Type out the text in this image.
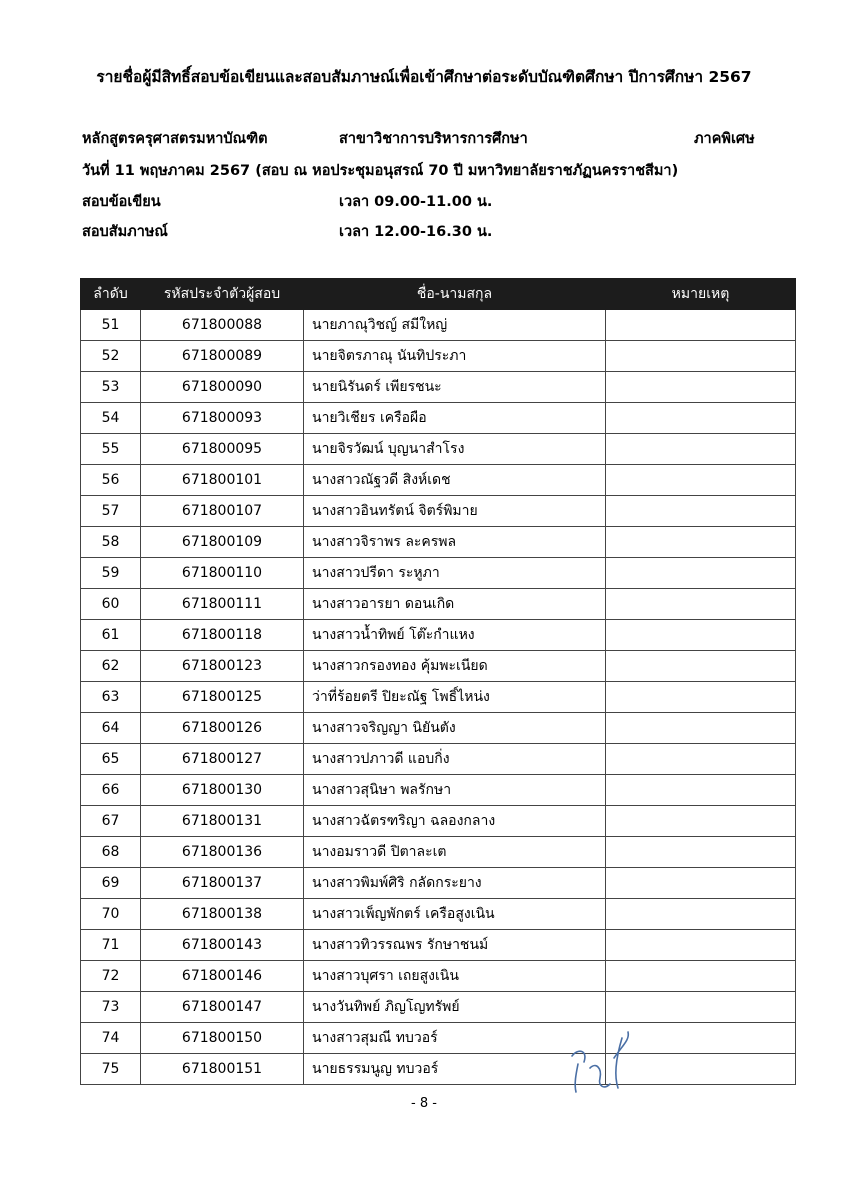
รายชื่อผู้มีสิทธิ์สอบข้อเขียนและสอบสัมภาษณ์เพื่อเข้าศึกษาต่อระดับบัณฑิตศึกษา ปีการศึกษา 2567
หลักสูตรครุศาสตรมหาบัณฑิต	สาขาวิชาการบริหารการศึกษา	ภาคพิเศษ
วันที่ 11 พฤษภาคม 2567 (สอบ ณ หอประชุมอนุสรณ์ 70 ปี มหาวิทยาลัยราชภัฏนครราชสีมา)
สอบข้อเขียน	เวลา 09.00-11.00 น.
สอบสัมภาษณ์	เวลา 12.00-16.30 น.
ลำดับ	รหัสประจำตัวผู้สอบ	ชื่อ-นามสกุล	หมายเหตุ
51	671800088	นายภาณุวิชญ์ สมีใหญ่	
52	671800089	นายจิตรภาณุ นันทิประภา	
53	671800090	นายนิรันดร์ เพียรชนะ	
54	671800093	นายวิเชียร เครือผือ	
55	671800095	นายจิรวัฒน์ บุญนาสำโรง	
56	671800101	นางสาวณัฐวดี สิงห์เดช	
57	671800107	นางสาวอินทรัตน์ จิตร์พิมาย	
58	671800109	นางสาวจิราพร ละครพล	
59	671800110	นางสาวปรีดา ระหูภา	
60	671800111	นางสาวอารยา ดอนเกิด	
61	671800118	นางสาวน้ำทิพย์ โต๊ะกำแหง	
62	671800123	นางสาวกรองทอง คุ้มพะเนียด	
63	671800125	ว่าที่ร้อยตรี ปิยะณัฐ โพธิ์ไหน่ง	
64	671800126	นางสาวจริญญา นิยันตัง	
65	671800127	นางสาวปภาวดี แอบกิ่ง	
66	671800130	นางสาวสุนิษา พลรักษา	
67	671800131	นางสาวฉัตรฑริญา ฉลองกลาง	
68	671800136	นางอมราวดี ปิตาละเต	
69	671800137	นางสาวพิมพ์ศิริ กลัดกระยาง	
70	671800138	นางสาวเพ็ญพักตร์ เครือสูงเนิน	
71	671800143	นางสาวทิวรรณพร รักษาชนม์	
72	671800146	นางสาวบุศรา เถยสูงเนิน	
73	671800147	นางวันทิพย์ ภิญโญทรัพย์	
74	671800150	นางสาวสุมณี ทบวอร์	
75	671800151	นายธรรมนูญ ทบวอร์	
- 8 -
